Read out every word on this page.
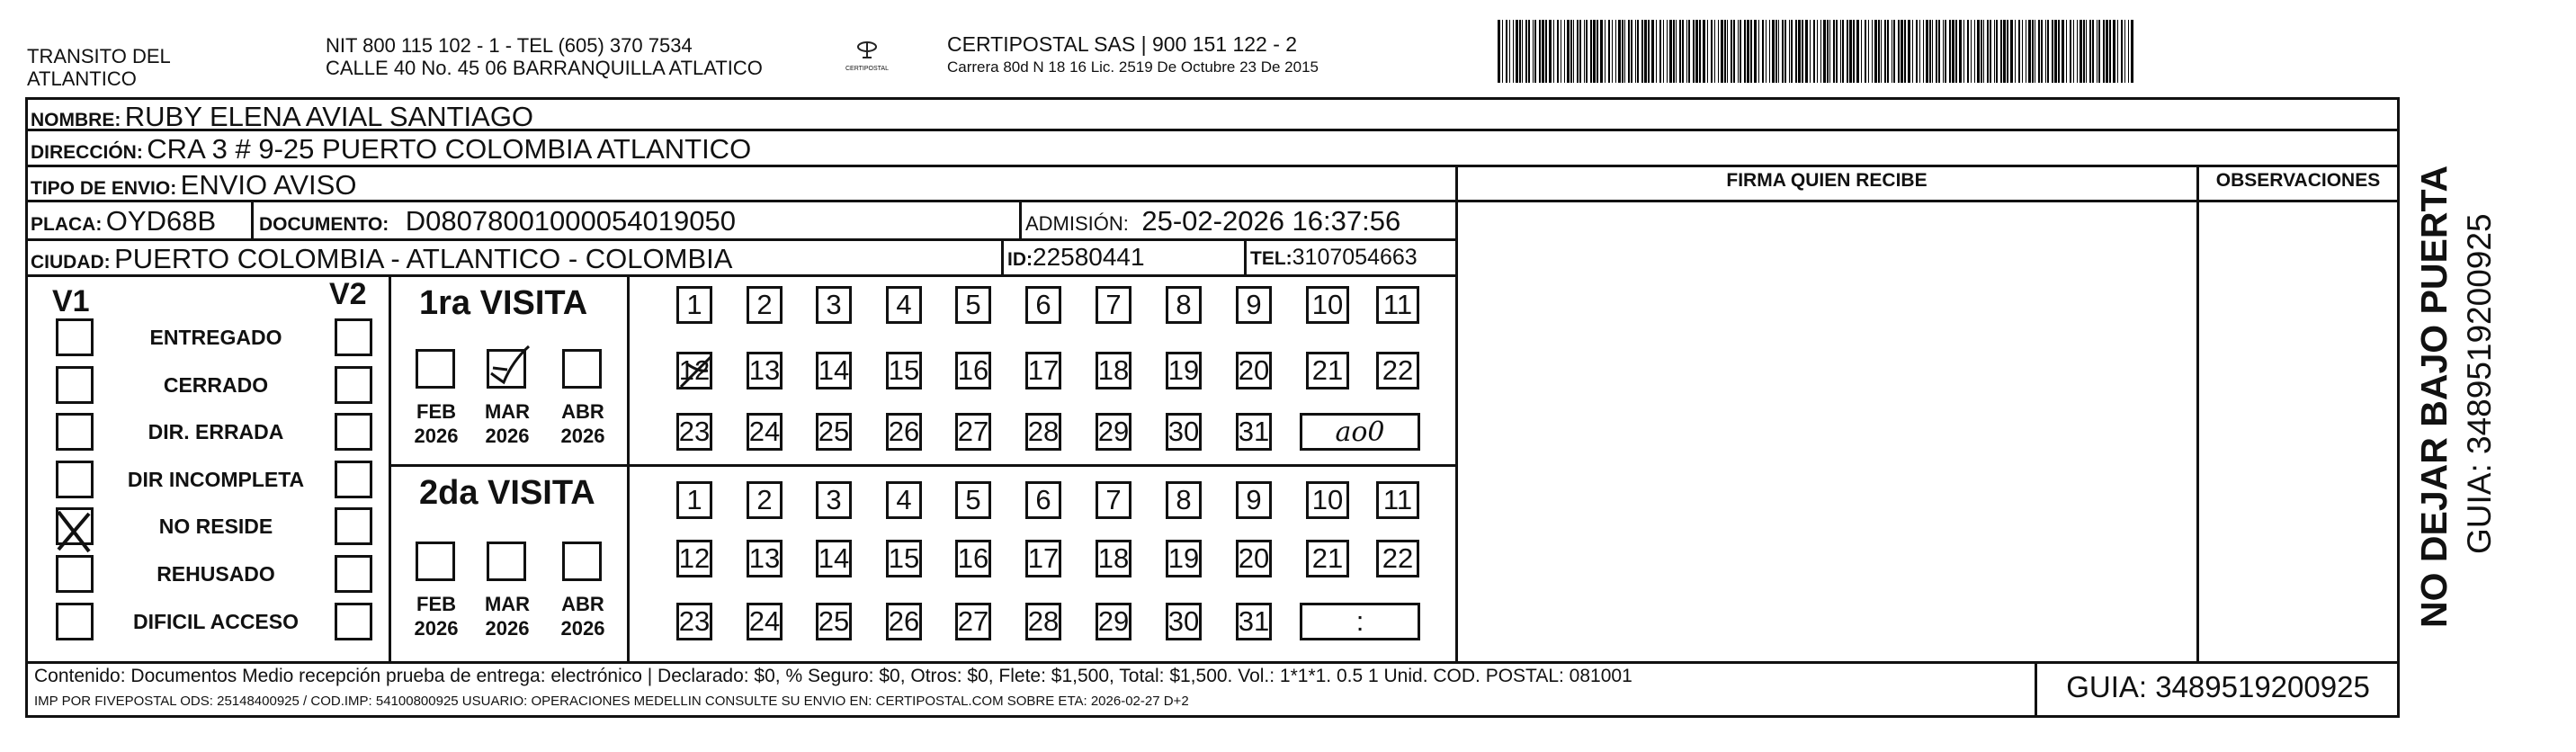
TRANSITO DEL
ATLANTICO
NIT 800 115 102 - 1 - TEL (605) 370 7534
CALLE 40 No. 45 06 BARRANQUILLA ATLATICO	CERTIPOSTAL
CERTIPOSTAL SAS | 900 151 122 - 2
Carrera 80d N 18 16 Lic. 2519 De Octubre 23 De 2015
NOMBRE: RUBY ELENA AVIAL SANTIAGO
DIRECCIÓN: CRA 3 # 9-25 PUERTO COLOMBIA ATLANTICO
TIPO DE ENVIO: ENVIO AVISO	FIRMA QUIEN RECIBE	OBSERVACIONES
PLACA: OYD68B DOCUMENTO: D08078001000054019050	ADMISIÓN: 25-02-2026 16:37:56
CIUDAD: PUERTO COLOMBIA - ATLANTICO - COLOMBIA	ID:22580441	TEL:3107054663
V1	V2
ENTREGADO
CERRADO
DIR. ERRADA
DIR INCOMPLETA
NO RESIDE
REHUSADO
DIFICIL ACCESO
1ra VISITA
2da VISITA
FEB
2026
MAR
2026
ABR
2026
FEB
2026
MAR
2026
ABR
2026
1 2 3 4 5 6 7 8 9 10 11
12 13 14 15 16 17 18 19 20 21 22
23 24 25 26 27 28 29 30 31 ao0
1 2 3 4 5 6 7 8 9 10 11
12 13 14 15 16 17 18 19 20 21 22
23 24 25 26 27 28 29 30 31	:
Contenido: Documentos Medio recepción prueba de entrega: electrónico | Declarado: $0, % Seguro: $0, Otros: $0, Flete: $1,500, Total: $1,500. Vol.: 1*1*1. 0.5 1 Unid. COD. POSTAL: 081001
IMP POR FIVEPOSTAL ODS: 25148400925 / COD.IMP: 54100800925 USUARIO: OPERACIONES MEDELLIN CONSULTE SU ENVIO EN: CERTIPOSTAL.COM SOBRE ETA: 2026-02-27 D+2	GUIA: 3489519200925
NO DEJAR BAJO PUERTA GUIA: 3489519200925
